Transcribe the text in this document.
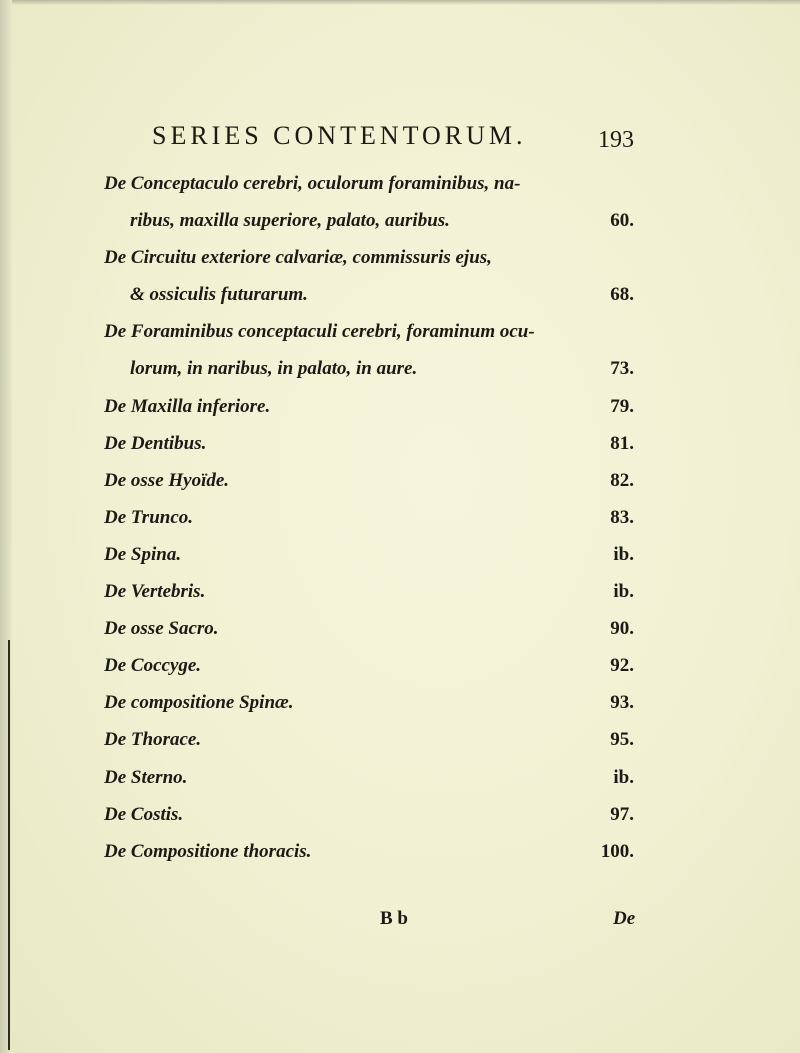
SERIES CONTENTORUM.	193
De Conceptaculo cerebri, oculorum foraminibus, na-
ribus, maxilla superiore, palato, auribus.	60.
De Circuitu exteriore calvariæ, commissuris ejus,
& ossiculis futurarum.	68.
De Foraminibus conceptaculi cerebri, foraminum ocu-
lorum, in naribus, in palato, in aure.	73.
De Maxilla inferiore.	79.
De Dentibus.	81.
De osse Hyoïde.	82.
De Trunco.	83.
De Spina.	ib.
De Vertebris.	ib.
De osse Sacro.	90.
De Coccyge.	92.
De compositione Spinæ.	93.
De Thorace.	95.
De Sterno.	ib.
De Costis.	97.
De Compositione thoracis.	100.
B b	De
